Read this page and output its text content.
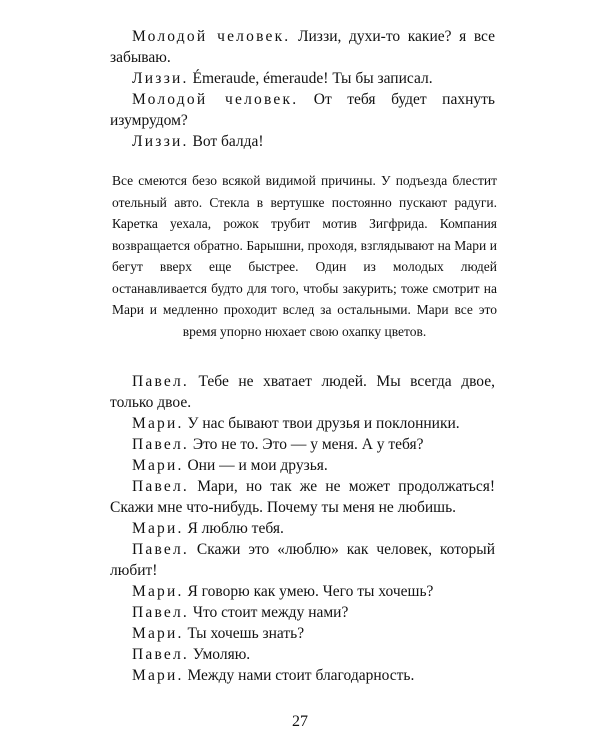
Молодой человек. Лиззи, духи-то какие? я все забываю.

Лиззи. Émeraude, émeraude! Ты бы записал.

Молодой человек. От тебя будет пахнуть изумрудом?

Лиззи. Вот балда!

Все смеются безо всякой видимой причины. У подъезда блестит отельный авто. Стекла в вертушке постоянно пускают радуги. Каретка уехала, рожок трубит мотив Зигфрида. Компания возвращается обратно. Барышни, проходя, взглядывают на Мари и бегут вверх еще быстрее. Один из молодых людей останавливается будто для того, чтобы закурить; тоже смотрит на Мари и медленно проходит вслед за остальными. Мари все это время упорно нюхает свою охапку цветов.

Павел. Тебе не хватает людей. Мы всегда двое, только двое.

Мари. У нас бывают твои друзья и поклонники.

Павел. Это не то. Это — у меня. А у тебя?

Мари. Они — и мои друзья.

Павел. Мари, но так же не может продолжаться! Скажи мне что-нибудь. Почему ты меня не любишь.

Мари. Я люблю тебя.

Павел. Скажи это «люблю» как человек, который любит!

Мари. Я говорю как умею. Чего ты хочешь?

Павел. Что стоит между нами?

Мари. Ты хочешь знать?

Павел. Умоляю.

Мари. Между нами стоит благодарность.

27
